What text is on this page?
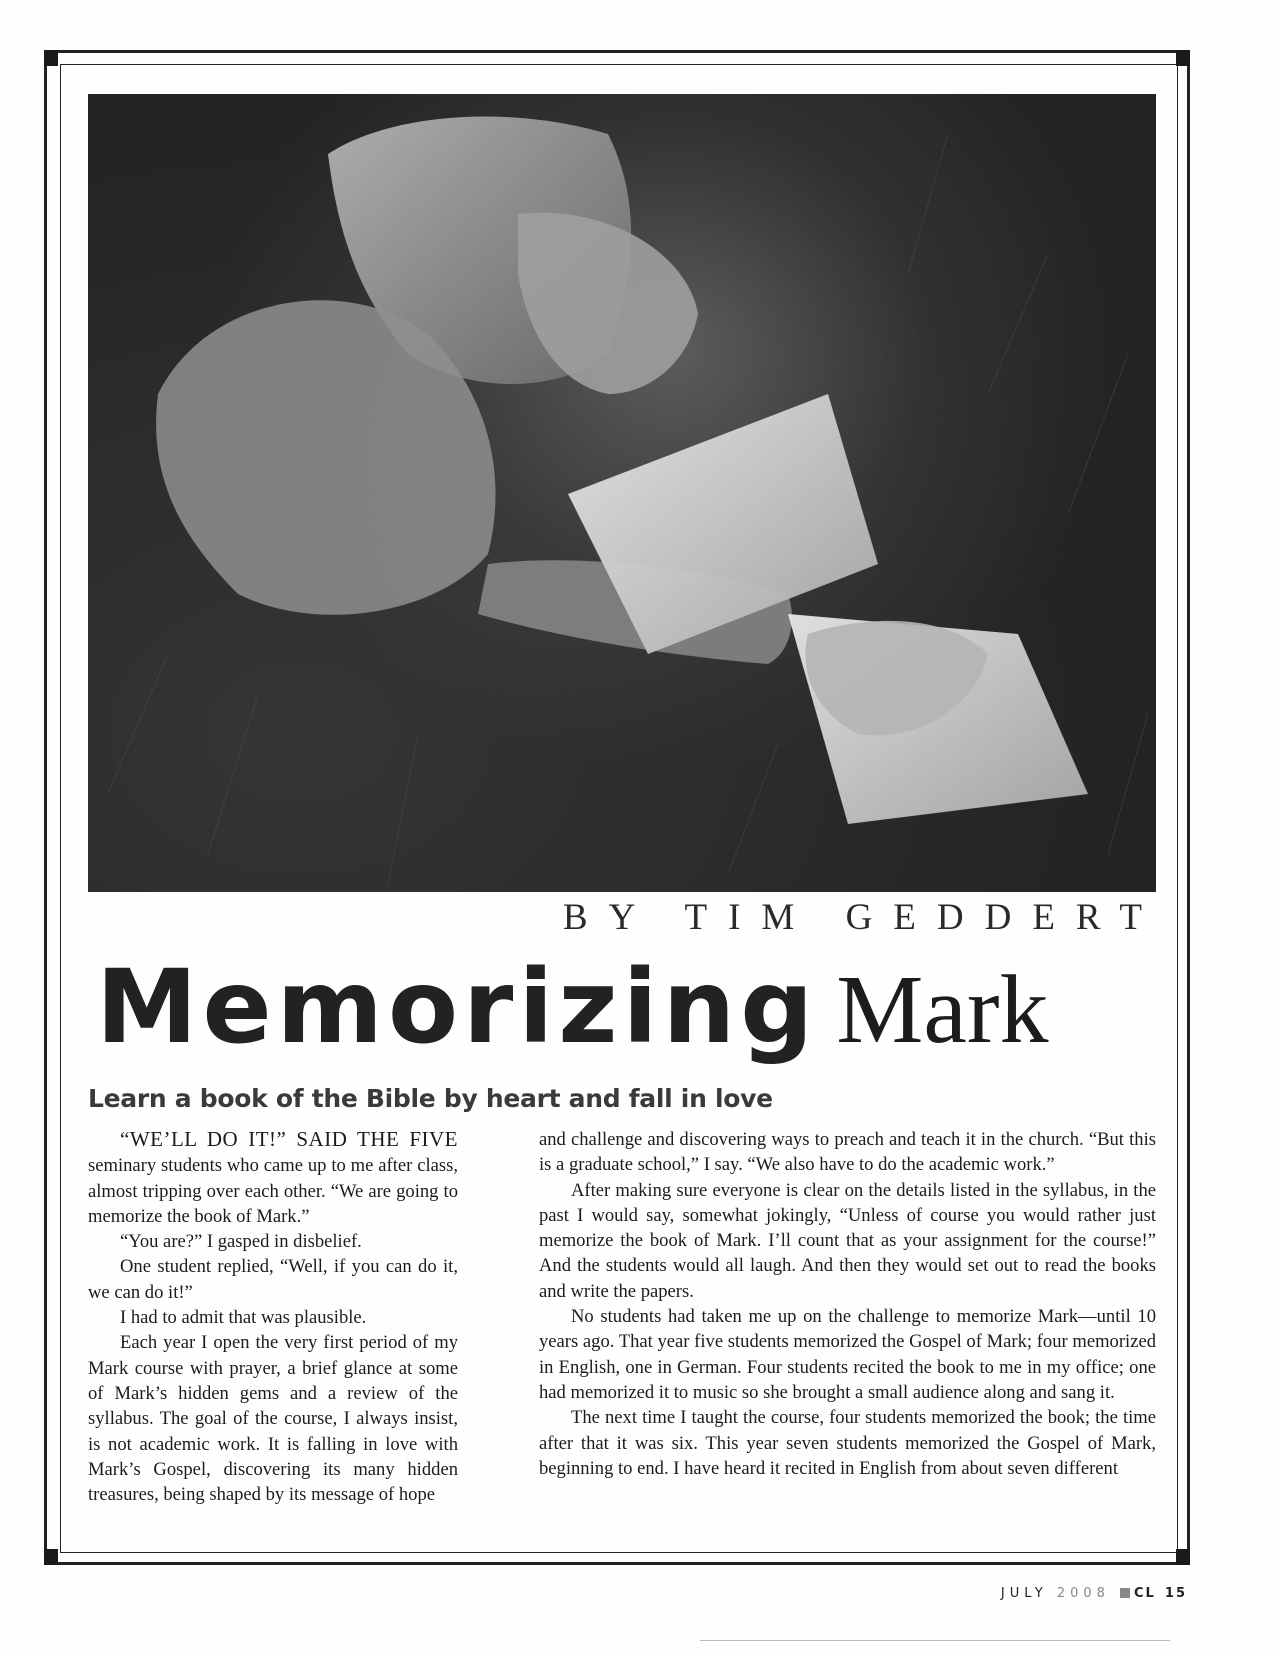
BY TIM GEDDERT
Memorizing Mark
Learn a book of the Bible by heart and fall in love

“WE’LL DO IT!” SAID THE FIVE seminary students who came up to me after class, almost tripping over each other. “We are going to memorize the book of Mark.”

“You are?” I gasped in disbelief.

One student replied, “Well, if you can do it, we can do it!”

I had to admit that was plausible.

Each year I open the very first period of my Mark course with prayer, a brief glance at some of Mark’s hidden gems and a review of the syllabus. The goal of the course, I always insist, is not academic work. It is falling in love with Mark’s Gospel, discovering its many hidden treasures, being shaped by its message of hope

and challenge and discovering ways to preach and teach it in the church. “But this is a graduate school,” I say. “We also have to do the academic work.”

After making sure everyone is clear on the details listed in the syllabus, in the past I would say, somewhat jokingly, “Unless of course you would rather just memorize the book of Mark. I’ll count that as your assignment for the course!” And the students would all laugh. And then they would set out to read the books and write the papers.

No students had taken me up on the challenge to memorize Mark—until 10 years ago. That year five students memorized the Gospel of Mark; four memorized in English, one in German. Four students recited the book to me in my office; one had memorized it to music so she brought a small audience along and sang it.

The next time I taught the course, four students memorized the book; the time after that it was six. This year seven students memorized the Gospel of Mark, beginning to end. I have heard it recited in English from about seven different

JULY 2008 CL 15
